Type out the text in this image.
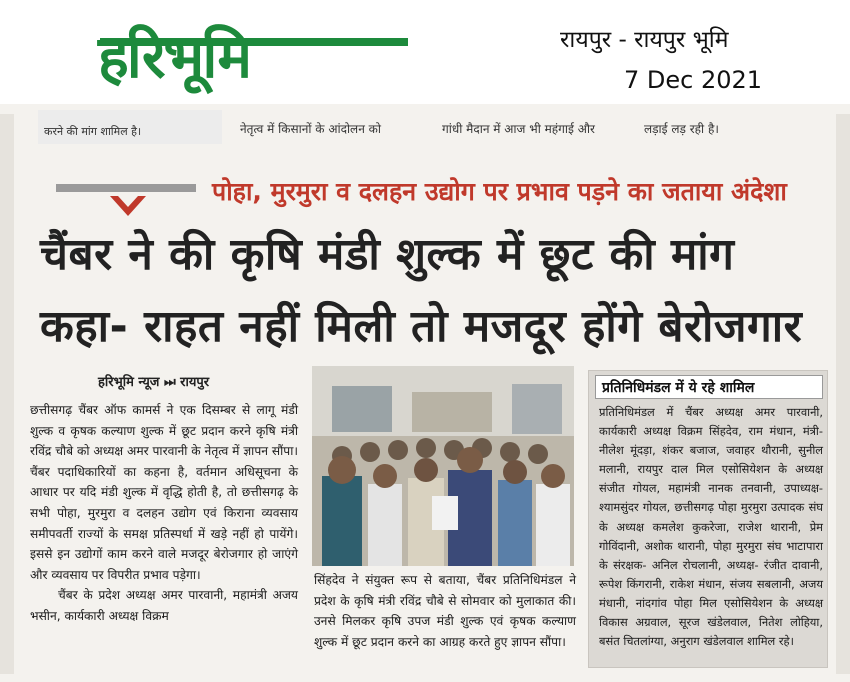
हरिभूमि	रायपुर - रायपुर भूमि
7 Dec 2021
करने की मांग शामिल है।	नेतृत्व में किसानों के आंदोलन को	गांधी मैदान में आज भी महंगाई और	लड़ाई लड़ रही है।
पोहा, मुरमुरा व दलहन उद्योग पर प्रभाव पड़ने का जताया अंदेशा
चैंबर ने की कृषि मंडी शुल्क में छूट की मांग
कहा- राहत नहीं मिली तो मजदूर होंगे बेरोजगार
हरिभूमि न्यूज ⏭ रायपुर

छत्तीसगढ़ चैंबर ऑफ कामर्स ने एक दिसम्बर से लागू मंडी शुल्क व कृषक कल्याण शुल्क में छूट प्रदान करने कृषि मंत्री रविंद्र चौबे को अध्यक्ष अमर पारवानी के नेतृत्व में ज्ञापन सौंपा। चैंबर पदाधिकारियों का कहना है, वर्तमान अधिसूचना के आधार पर यदि मंडी शुल्क में वृद्धि होती है, तो छत्तीसगढ़ के सभी पोहा, मुरमुरा व दलहन उद्योग एवं किराना व्यवसाय समीपवर्ती राज्यों के समक्ष प्रतिस्पर्धा में खड़े नहीं हो पायेंगे। इससे इन उद्योगों काम करने वाले मजदूर बेरोजगार हो जाएंगे और व्यवसाय पर विपरीत प्रभाव पड़ेगा।

चैंबर के प्रदेश अध्यक्ष अमर पारवानी, महामंत्री अजय भसीन, कार्यकारी अध्यक्ष विक्रम

सिंहदेव ने संयुक्त रूप से बताया, चैंबर प्रतिनिधिमंडल ने प्रदेश के कृषि मंत्री रविंद्र चौबे से सोमवार को मुलाकात की। उनसे मिलकर कृषि उपज मंडी शुल्क एवं कृषक कल्याण शुल्क में छूट प्रदान करने का आग्रह करते हुए ज्ञापन सौंपा।
प्रतिनिधिमंडल में ये रहे शामिल
प्रतिनिधिमंडल में चैंबर अध्यक्ष अमर पारवानी, कार्यकारी अध्यक्ष विक्रम सिंहदेव, राम मंधान, मंत्री-नीलेश मूंदड़ा, शंकर बजाज, जवाहर थौरानी, सुनील मलानी, रायपुर दाल मिल एसोसियेशन के अध्यक्ष संजीत गोयल, महामंत्री नानक तनवानी, उपाध्यक्ष- श्यामसुंदर गोयल, छत्तीसगढ़ पोहा मुरमुरा उत्पादक संघ के अध्यक्ष कमलेश कुकरेजा, राजेश थारानी, प्रेम गोविंदानी, अशोक थारानी, पोहा मुरमुरा संघ भाटापारा के संरक्षक- अनिल रोचलानी, अध्यक्ष- रंजीत दावानी, रूपेश किंगरानी, राकेश मंधान, संजय सबलानी, अजय मंधानी, नांदगांव पोहा मिल एसोसियेशन के अध्यक्ष विकास अग्रवाल, सूरज खंडेलवाल, नितेश लोहिया, बसंत चितलांग्या, अनुराग खंडेलवाल शामिल रहे।
